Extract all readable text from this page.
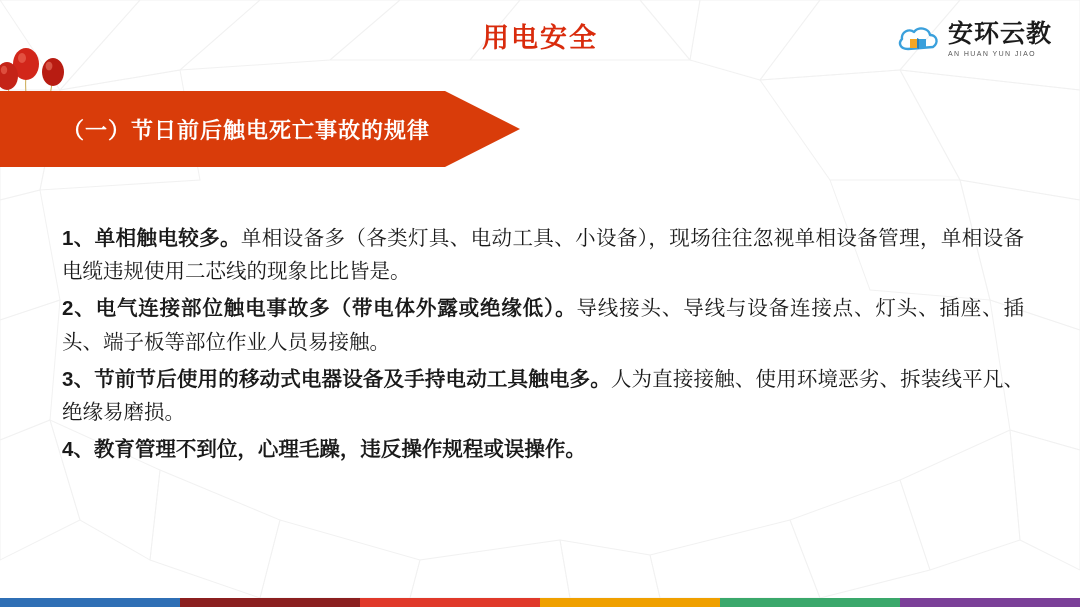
用电安全	安环云教
AN HUAN YUN JIAO
（一）节日前后触电死亡事故的规律

1、单相触电较多。单相设备多（各类灯具、电动工具、小设备），现场往往忽视单相设备管理，单相设备电缆违规使用二芯线的现象比比皆是。

2、电气连接部位触电事故多（带电体外露或绝缘低）。导线接头、导线与设备连接点、灯头、插座、插头、端子板等部位作业人员易接触。

3、节前节后使用的移动式电器设备及手持电动工具触电多。人为直接接触、使用环境恶劣、拆装线平凡、绝缘易磨损。

4、教育管理不到位，心理毛躁，违反操作规程或误操作。
